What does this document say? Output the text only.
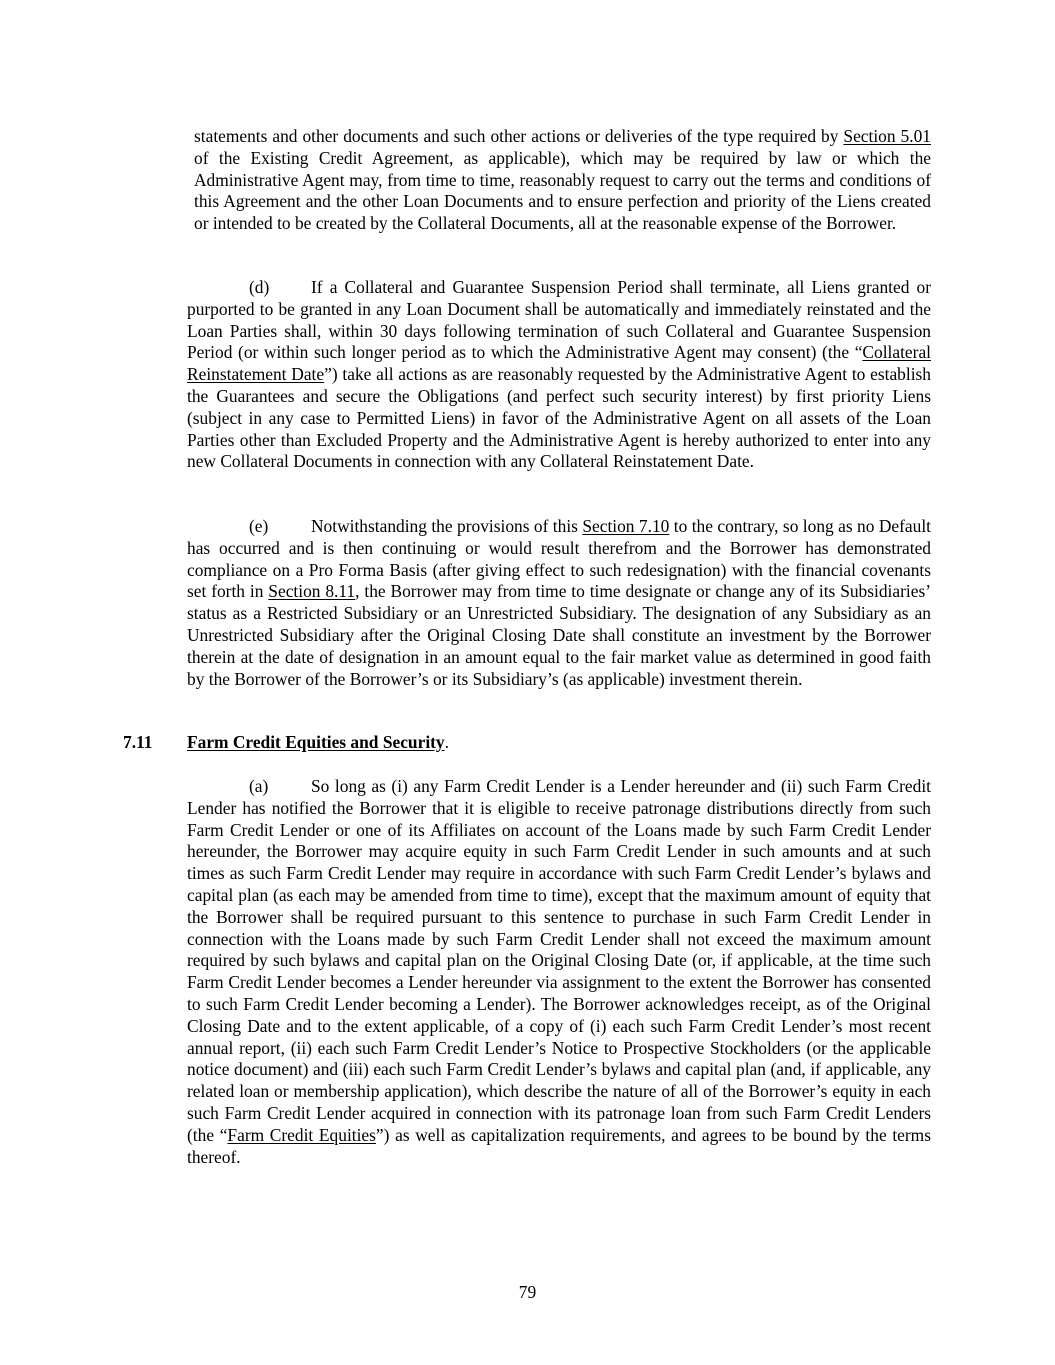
statements and other documents and such other actions or deliveries of the type required by Section 5.01 of the Existing Credit Agreement, as applicable), which may be required by law or which the Administrative Agent may, from time to time, reasonably request to carry out the terms and conditions of this Agreement and the other Loan Documents and to ensure perfection and priority of the Liens created or intended to be created by the Collateral Documents, all at the reasonable expense of the Borrower.

(d) If a Collateral and Guarantee Suspension Period shall terminate, all Liens granted or purported to be granted in any Loan Document shall be automatically and immediately reinstated and the Loan Parties shall, within 30 days following termination of such Collateral and Guarantee Suspension Period (or within such longer period as to which the Administrative Agent may consent) (the “Collateral Reinstatement Date”) take all actions as are reasonably requested by the Administrative Agent to establish the Guarantees and secure the Obligations (and perfect such security interest) by first priority Liens (subject in any case to Permitted Liens) in favor of the Administrative Agent on all assets of the Loan Parties other than Excluded Property and the Administrative Agent is hereby authorized to enter into any new Collateral Documents in connection with any Collateral Reinstatement Date.

(e) Notwithstanding the provisions of this Section 7.10 to the contrary, so long as no Default has occurred and is then continuing or would result therefrom and the Borrower has demonstrated compliance on a Pro Forma Basis (after giving effect to such redesignation) with the financial covenants set forth in Section 8.11, the Borrower may from time to time designate or change any of its Subsidiaries’ status as a Restricted Subsidiary or an Unrestricted Subsidiary. The designation of any Subsidiary as an Unrestricted Subsidiary after the Original Closing Date shall constitute an investment by the Borrower therein at the date of designation in an amount equal to the fair market value as determined in good faith by the Borrower of the Borrower’s or its Subsidiary’s (as applicable) investment therein.

7.11 Farm Credit Equities and Security.

(a) So long as (i) any Farm Credit Lender is a Lender hereunder and (ii) such Farm Credit Lender has notified the Borrower that it is eligible to receive patronage distributions directly from such Farm Credit Lender or one of its Affiliates on account of the Loans made by such Farm Credit Lender hereunder, the Borrower may acquire equity in such Farm Credit Lender in such amounts and at such times as such Farm Credit Lender may require in accordance with such Farm Credit Lender’s bylaws and capital plan (as each may be amended from time to time), except that the maximum amount of equity that the Borrower shall be required pursuant to this sentence to purchase in such Farm Credit Lender in connection with the Loans made by such Farm Credit Lender shall not exceed the maximum amount required by such bylaws and capital plan on the Original Closing Date (or, if applicable, at the time such Farm Credit Lender becomes a Lender hereunder via assignment to the extent the Borrower has consented to such Farm Credit Lender becoming a Lender). The Borrower acknowledges receipt, as of the Original Closing Date and to the extent applicable, of a copy of (i) each such Farm Credit Lender’s most recent annual report, (ii) each such Farm Credit Lender’s Notice to Prospective Stockholders (or the applicable notice document) and (iii) each such Farm Credit Lender’s bylaws and capital plan (and, if applicable, any related loan or membership application), which describe the nature of all of the Borrower’s equity in each such Farm Credit Lender acquired in connection with its patronage loan from such Farm Credit Lenders (the “Farm Credit Equities”) as well as capitalization requirements, and agrees to be bound by the terms thereof.

79
